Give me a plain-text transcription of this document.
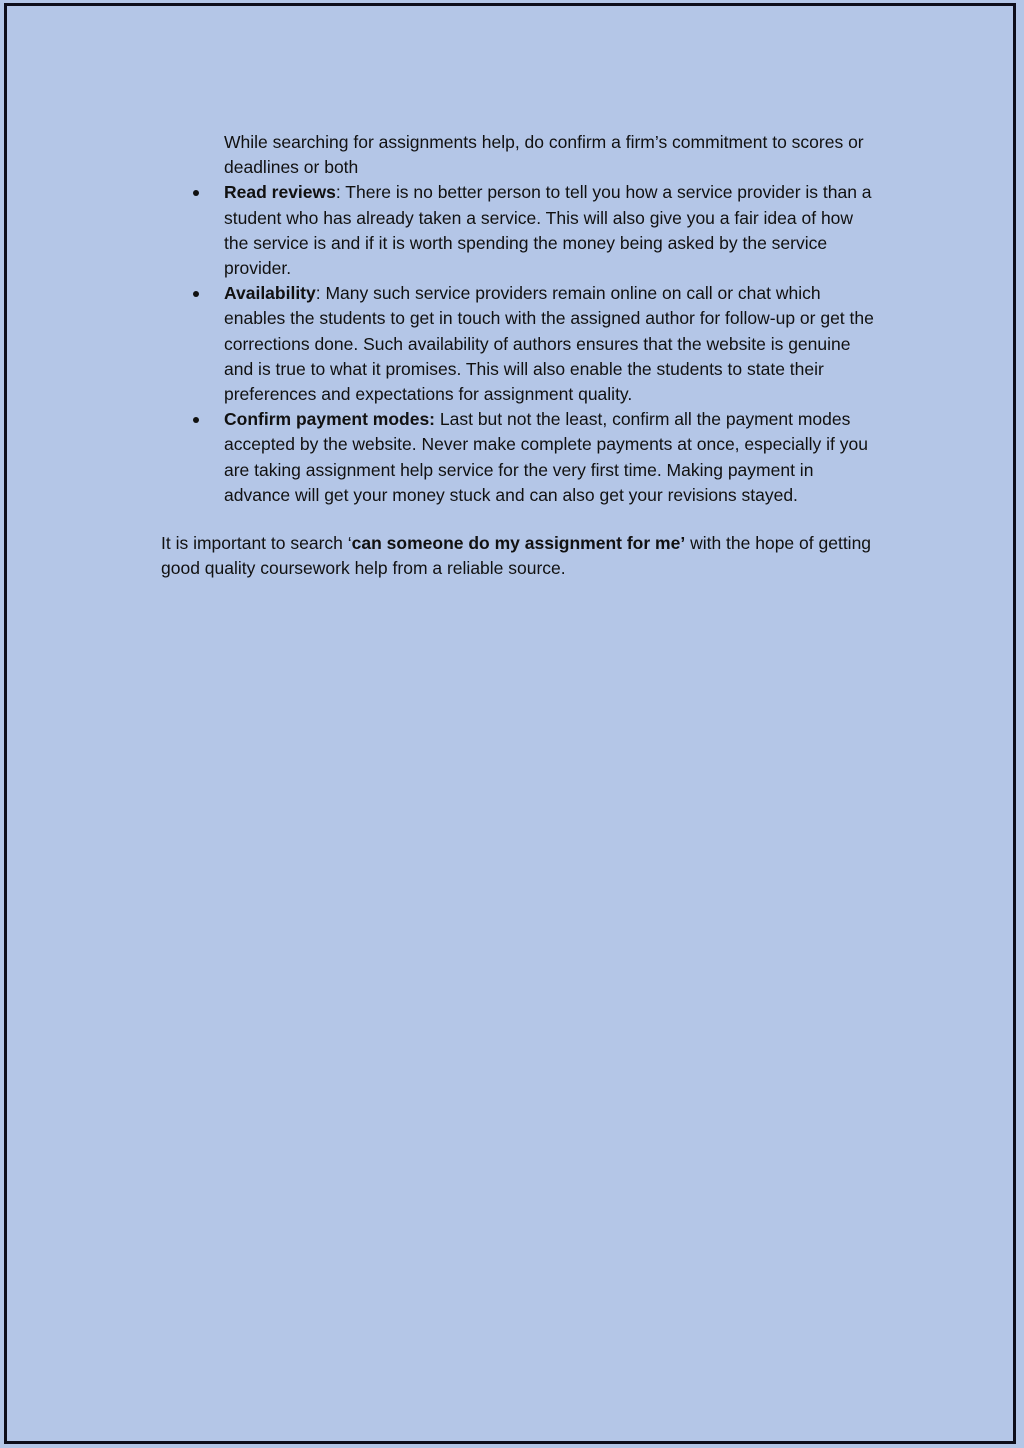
While searching for assignments help, do confirm a firm’s commitment to scores or deadlines or both

Read reviews: There is no better person to tell you how a service provider is than a student who has already taken a service. This will also give you a fair idea of how the service is and if it is worth spending the money being asked by the service provider.
Availability: Many such service providers remain online on call or chat which enables the students to get in touch with the assigned author for follow-up or get the corrections done. Such availability of authors ensures that the website is genuine and is true to what it promises. This will also enable the students to state their preferences and expectations for assignment quality.
Confirm payment modes: Last but not the least, confirm all the payment modes accepted by the website. Never make complete payments at once, especially if you are taking assignment help service for the very first time. Making payment in advance will get your money stuck and can also get your revisions stayed.

It is important to search ‘can someone do my assignment for me’ with the hope of getting good quality coursework help from a reliable source.
